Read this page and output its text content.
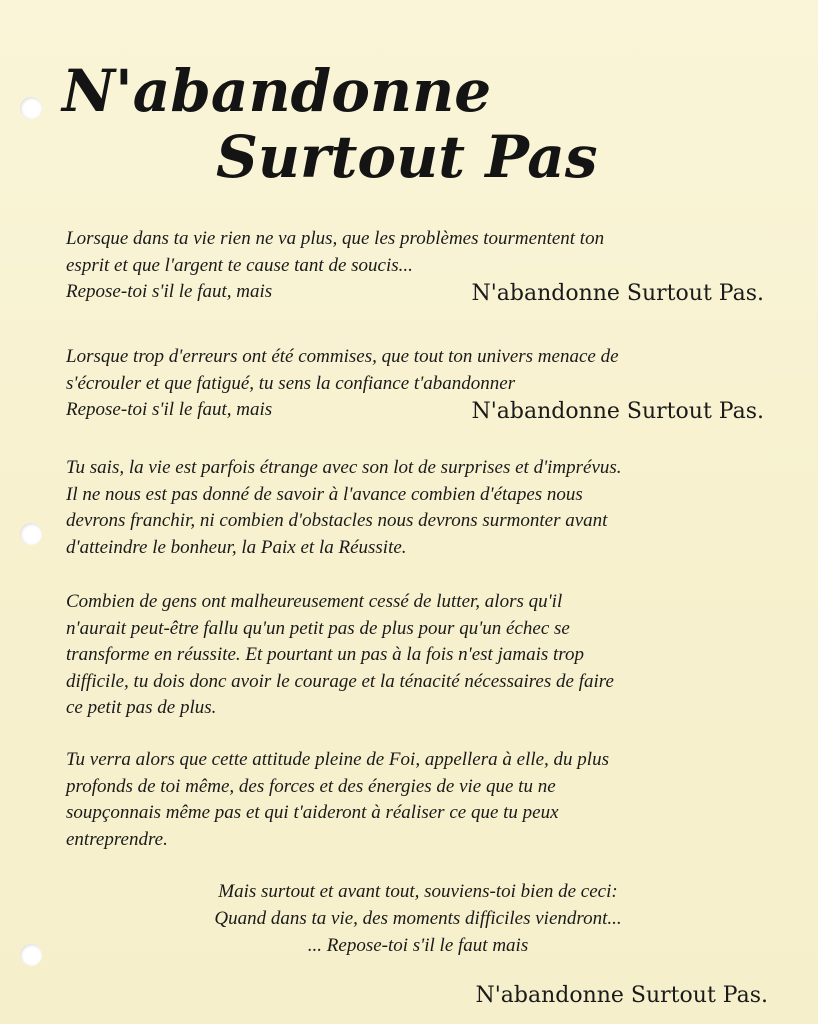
N'abandonne
Surtout Pas
Lorsque dans ta vie rien ne va plus, que les problèmes tourmentent ton
esprit et que l'argent te cause tant de soucis...
Repose-toi s'il le faut, mais	N'abandonne Surtout Pas.
Lorsque trop d'erreurs ont été commises, que tout ton univers menace de
s'écrouler et que fatigué, tu sens la confiance t'abandonner
Repose-toi s'il le faut, mais	N'abandonne Surtout Pas.
Tu sais, la vie est parfois étrange avec son lot de surprises et d'imprévus.
Il ne nous est pas donné de savoir à l'avance combien d'étapes nous
devrons franchir, ni combien d'obstacles nous devrons surmonter avant
d'atteindre le bonheur, la Paix et la Réussite.
Combien de gens ont malheureusement cessé de lutter, alors qu'il
n'aurait peut-être fallu qu'un petit pas de plus pour qu'un échec se
transforme en réussite. Et pourtant un pas à la fois n'est jamais trop
difficile, tu dois donc avoir le courage et la ténacité nécessaires de faire
ce petit pas de plus.
Tu verra alors que cette attitude pleine de Foi, appellera à elle, du plus
profonds de toi même, des forces et des énergies de vie que tu ne
soupçonnais même pas et qui t'aideront à réaliser ce que tu peux
entreprendre.
Mais surtout et avant tout, souviens-toi bien de ceci:
Quand dans ta vie, des moments difficiles viendront...
... Repose-toi s'il le faut mais
N'abandonne Surtout Pas.
